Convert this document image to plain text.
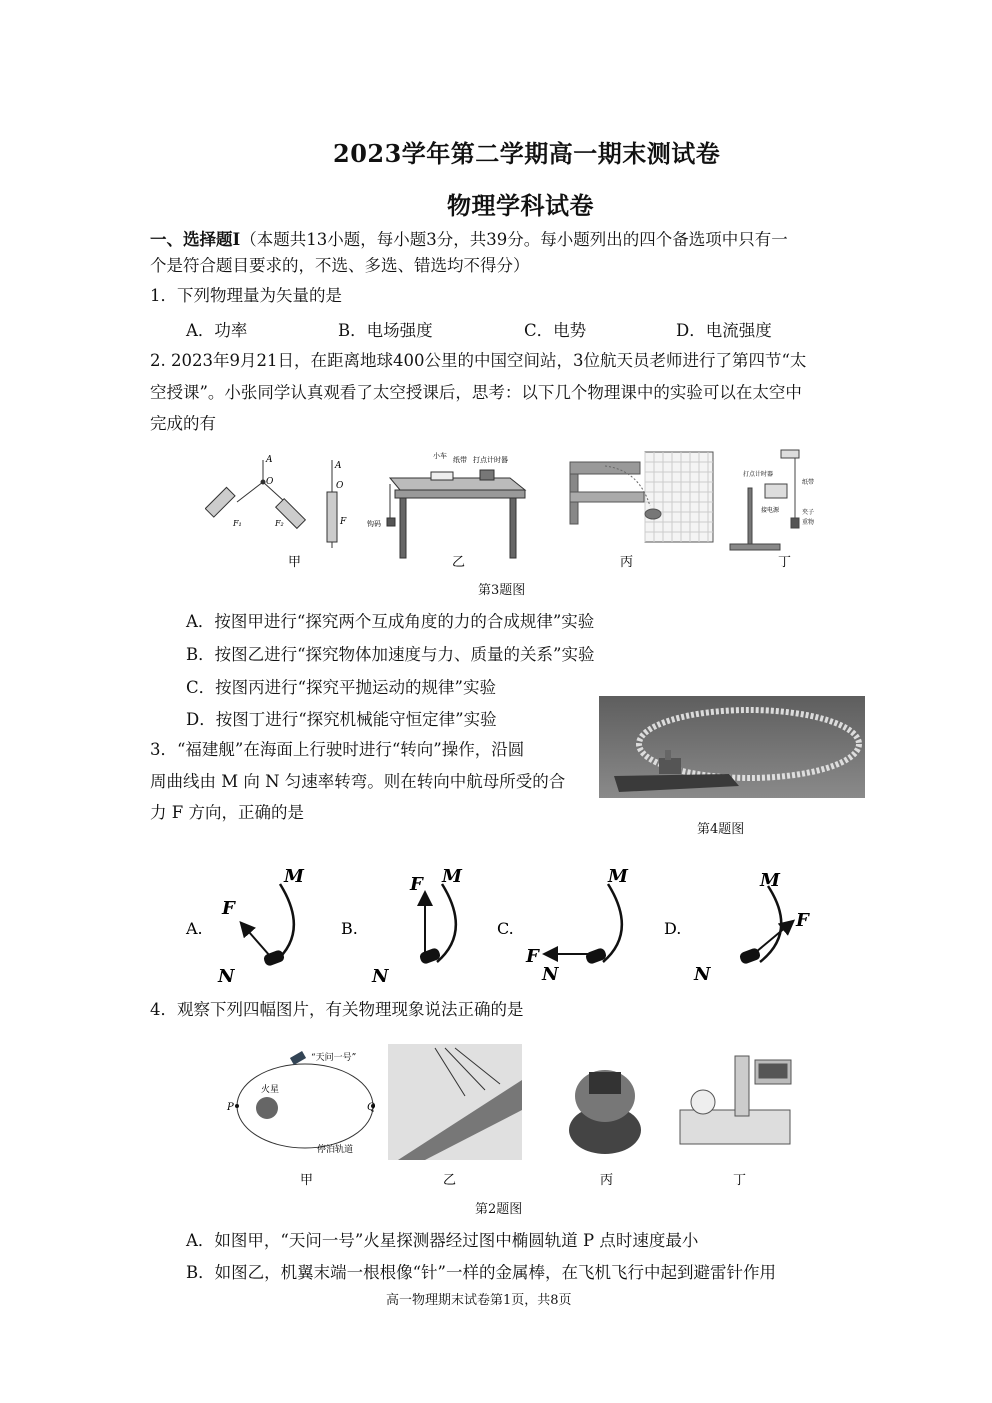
2023学年第二学期高一期末测试卷
物理学科试卷
一、选择题Ⅰ（本题共13小题，每小题3分，共39分。每小题列出的四个备选项中只有一
个是符合题目要求的，不选、多选、错选均不得分）
1．下列物理量为矢量的是
A．功率	B．电场强度	C．电势	D．电流强度
2. 2023年9月21日，在距离地球400公里的中国空间站，3位航天员老师进行了第四节“太
空授课”。小张同学认真观看了太空授课后，思考：以下几个物理课中的实验可以在太空中
完成的有
A
O
F₁	F₂
A
O
F
小车 纸带 打点计时器
钩码
打点计时器
纸带
接电源	夹子
重物
甲	乙	丙	丁
第3题图
A．按图甲进行“探究两个互成角度的力的合成规律”实验
B．按图乙进行“探究物体加速度与力、质量的关系”实验
C．按图丙进行“探究平抛运动的规律”实验
D．按图丁进行“探究机械能守恒定律”实验
3．“福建舰”在海面上行驶时进行“转向”操作，沿圆
周曲线由 M 向 N 匀速率转弯。则在转向中航母所受的合
力 F 方向，正确的是
第4题图
A.
M
F
N
B.
M
F
N
C.
M
F
N
D.
M
F
N
4．观察下列四幅图片，有关物理现象说法正确的是
“天问一号”
火星
P	Q
停泊轨道
甲	乙	丙	丁
第2题图
A．如图甲，“天问一号”火星探测器经过图中椭圆轨道 P 点时速度最小
B．如图乙，机翼末端一根根像“针”一样的金属棒，在飞机飞行中起到避雷针作用
高一物理期末试卷第1页，共8页
